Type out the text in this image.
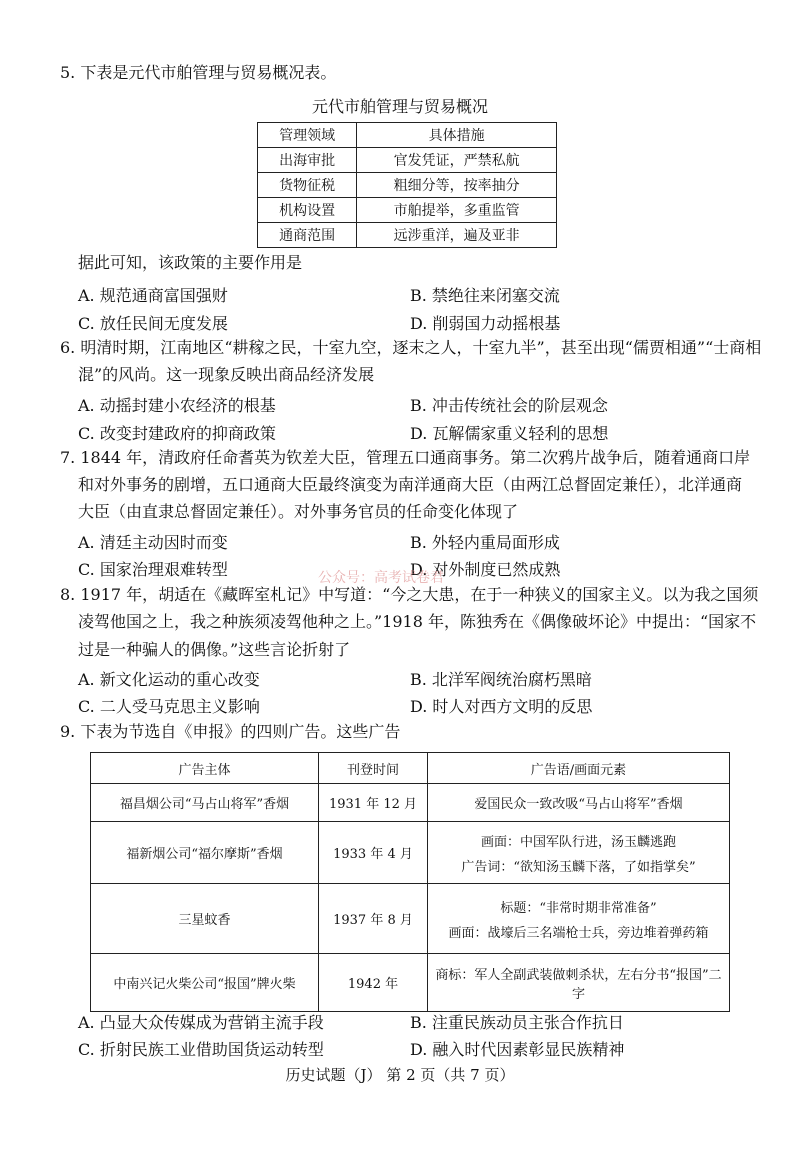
5. 下表是元代市舶管理与贸易概况表。
元代市舶管理与贸易概况
管理领域	具体措施
出海审批	官发凭证，严禁私航
货物征税	粗细分等，按率抽分
机构设置	市舶提举，多重监管
通商范围	远涉重洋，遍及亚非
据此可知，该政策的主要作用是
A. 规范通商富国强财	B. 禁绝往来闭塞交流
C. 放任民间无度发展	D. 削弱国力动摇根基
6. 明清时期，江南地区“耕稼之民，十室九空，逐末之人，十室九半”，甚至出现“儒贾相通”“士商相
混”的风尚。这一现象反映出商品经济发展
A. 动摇封建小农经济的根基	B. 冲击传统社会的阶层观念
C. 改变封建政府的抑商政策	D. 瓦解儒家重义轻利的思想
7. 1844 年，清政府任命耆英为钦差大臣，管理五口通商事务。第二次鸦片战争后，随着通商口岸
和对外事务的剧增，五口通商大臣最终演变为南洋通商大臣（由两江总督固定兼任），北洋通商
大臣（由直隶总督固定兼任）。对外事务官员的任命变化体现了
A. 清廷主动因时而变	B. 外轻内重局面形成
C. 国家治理艰难转型	D. 对外制度已然成熟
公众号：高考试卷君
8. 1917 年，胡适在《藏晖室札记》中写道：“今之大患，在于一种狭义的国家主义。以为我之国须
凌驾他国之上，我之种族须凌驾他种之上。”1918 年，陈独秀在《偶像破坏论》中提出：“国家不
过是一种骗人的偶像。”这些言论折射了
A. 新文化运动的重心改变	B. 北洋军阀统治腐朽黑暗
C. 二人受马克思主义影响	D. 时人对西方文明的反思
9. 下表为节选自《申报》的四则广告。这些广告
广告主体	刊登时间	广告语/画面元素
福昌烟公司“马占山将军”香烟	1931 年 12 月	爱国民众一致改吸“马占山将军”香烟
福新烟公司“福尔摩斯”香烟	1933 年 4 月	画面：中国军队行进，汤玉麟逃跑
广告词：“欲知汤玉麟下落，了如指掌矣”

三星蚊香	1937 年 8 月	标题：“非常时期非常准备”
画面：战壕后三名端枪士兵，旁边堆着弹药箱

中南兴记火柴公司“报国”牌火柴	1942 年	商标：军人全副武装做刺杀状，左右分书“报国”二字
A. 凸显大众传媒成为营销主流手段	B. 注重民族动员主张合作抗日
C. 折射民族工业借助国货运动转型	D. 融入时代因素彰显民族精神
历史试题（J） 第 2 页（共 7 页）
